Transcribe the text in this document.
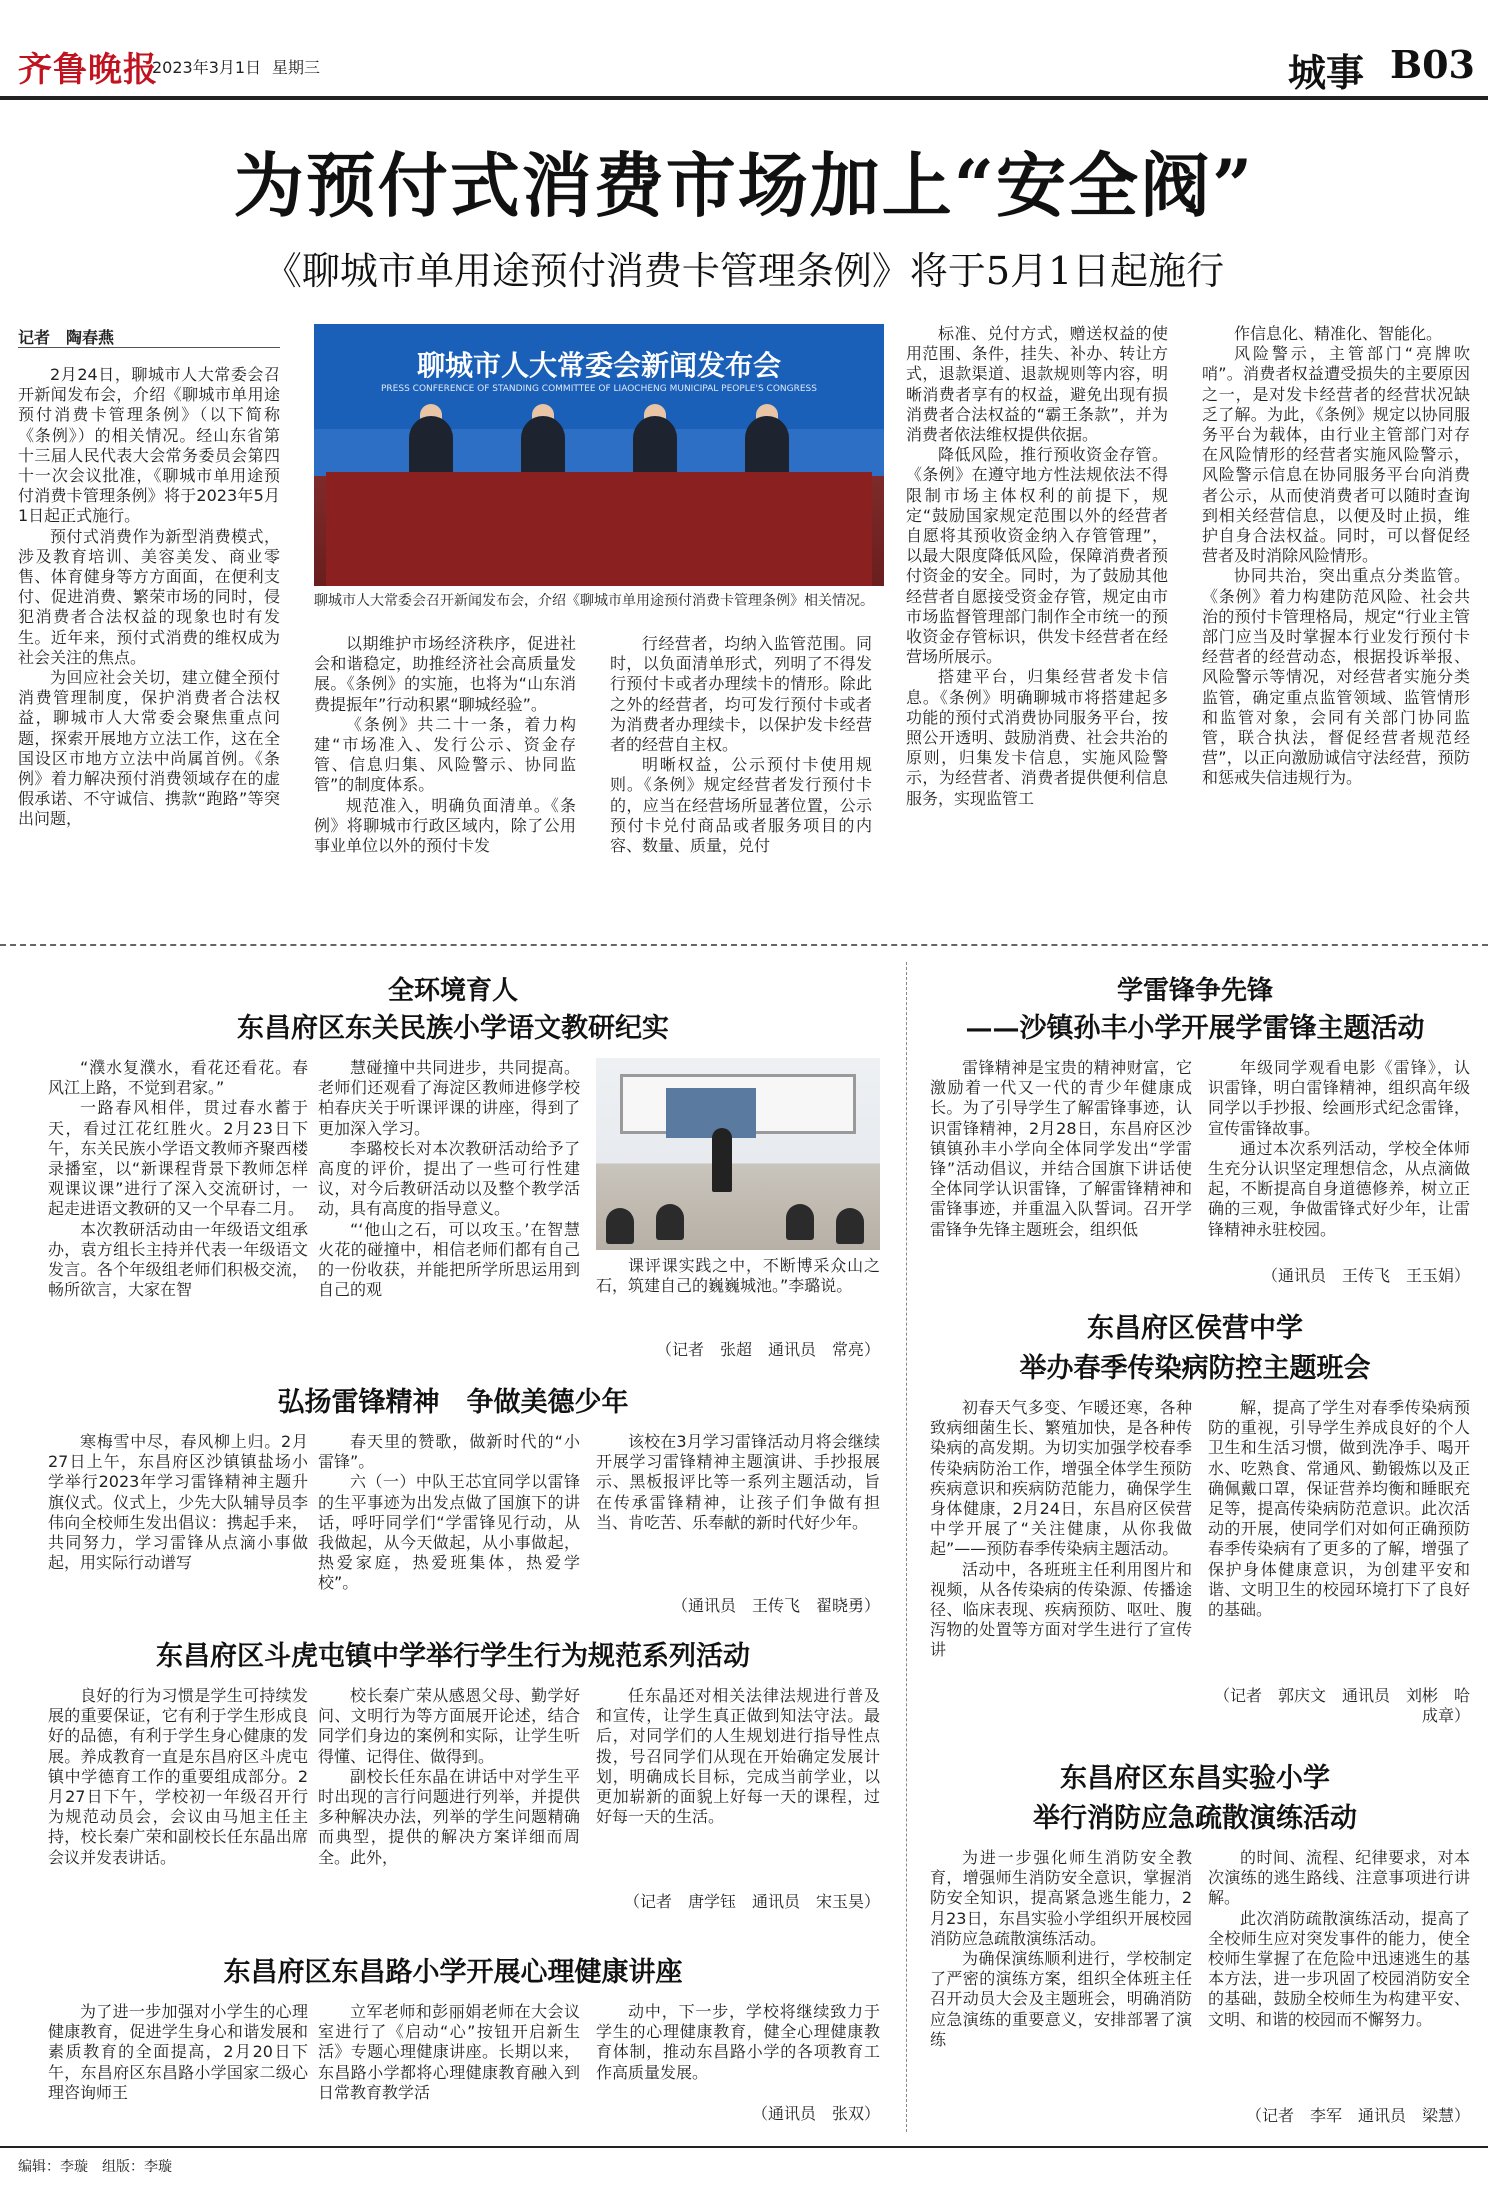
齐鲁晚报
2023年3月1日 星期三	城事 B03
为预付式消费市场加上“安全阀”
《聊城市单用途预付消费卡管理条例》将于5月1日起施行
记者　陶春燕

2月24日，聊城市人大常委会召开新闻发布会，介绍《聊城市单用途预付消费卡管理条例》（以下简称《条例》）的相关情况。经山东省第十三届人民代表大会常务委员会第四十一次会议批准，《聊城市单用途预付消费卡管理条例》将于2023年5月1日起正式施行。

预付式消费作为新型消费模式，涉及教育培训、美容美发、商业零售、体育健身等方方面面，在便利支付、促进消费、繁荣市场的同时，侵犯消费者合法权益的现象也时有发生。近年来，预付式消费的维权成为社会关注的焦点。

为回应社会关切，建立健全预付消费管理制度，保护消费者合法权益，聊城市人大常委会聚焦重点问题，探索开展地方立法工作，这在全国设区市地方立法中尚属首例。《条例》着力解决预付消费领域存在的虚假承诺、不守诚信、携款“跑路”等突出问题，

以期维护市场经济秩序，促进社会和谐稳定，助推经济社会高质量发展。《条例》的实施，也将为“山东消费提振年”行动积累“聊城经验”。

《条例》共二十一条，着力构建“市场准入、发行公示、资金存管、信息归集、风险警示、协同监管”的制度体系。

规范准入，明确负面清单。《条例》将聊城市行政区域内，除了公用事业单位以外的预付卡发

行经营者，均纳入监管范围。同时，以负面清单形式，列明了不得发行预付卡或者办理续卡的情形。除此之外的经营者，均可发行预付卡或者为消费者办理续卡，以保护发卡经营者的经营自主权。

明晰权益，公示预付卡使用规则。《条例》规定经营者发行预付卡的，应当在经营场所显著位置，公示预付卡兑付商品或者服务项目的内容、数量、质量，兑付

标准、兑付方式，赠送权益的使用范围、条件，挂失、补办、转让方式，退款渠道、退款规则等内容，明晰消费者享有的权益，避免出现有损消费者合法权益的“霸王条款”，并为消费者依法维权提供依据。

降低风险，推行预收资金存管。《条例》在遵守地方性法规依法不得限制市场主体权利的前提下，规定“鼓励国家规定范围以外的经营者自愿将其预收资金纳入存管管理”，以最大限度降低风险，保障消费者预付资金的安全。同时，为了鼓励其他经营者自愿接受资金存管，规定由市市场监督管理部门制作全市统一的预收资金存管标识，供发卡经营者在经营场所展示。

搭建平台，归集经营者发卡信息。《条例》明确聊城市将搭建起多功能的预付式消费协同服务平台，按照公开透明、鼓励消费、社会共治的原则，归集发卡信息，实施风险警示，为经营者、消费者提供便利信息服务，实现监管工

作信息化、精准化、智能化。

风险警示，主管部门“亮牌吹哨”。消费者权益遭受损失的主要原因之一，是对发卡经营者的经营状况缺乏了解。为此，《条例》规定以协同服务平台为载体，由行业主管部门对存在风险情形的经营者实施风险警示，风险警示信息在协同服务平台向消费者公示，从而使消费者可以随时查询到相关经营信息，以便及时止损，维护自身合法权益。同时，可以督促经营者及时消除风险情形。

协同共治，突出重点分类监管。《条例》着力构建防范风险、社会共治的预付卡管理格局，规定“行业主管部门应当及时掌握本行业发行预付卡经营者的经营动态，根据投诉举报、风险警示等情况，对经营者实施分类监管，确定重点监管领域、监管情形和监管对象，会同有关部门协同监管，联合执法，督促经营者规范经营”，以正向激励诚信守法经营，预防和惩戒失信违规行为。

聊城市人大常委会新闻发布会
PRESS CONFERENCE OF STANDING COMMITTEE OF LIAOCHENG MUNICIPAL PEOPLE'S CONGRESS
聊城市人大常委会召开新闻发布会，介绍《聊城市单用途预付消费卡管理条例》相关情况。
全环境育人
东昌府区东关民族小学语文教研纪实

“濮水复濮水，看花还看花。春风江上路，不觉到君家。”

一路春风相伴，贯过春水蓄于天，看过江花红胜火。2月23日下午，东关民族小学语文教师齐聚西楼录播室，以“新课程背景下教师怎样观课议课”进行了深入交流研讨，一起走进语文教研的又一个早春二月。

本次教研活动由一年级语文组承办，袁方组长主持并代表一年级语文发言。各个年级组老师们积极交流，畅所欲言，大家在智

慧碰撞中共同进步，共同提高。老师们还观看了海淀区教师进修学校柏春庆关于听课评课的讲座，得到了更加深入学习。

李璐校长对本次教研活动给予了高度的评价，提出了一些可行性建议，对今后教研活动以及整个教学活动，具有高度的指导意义。

“‘他山之石，可以攻玉。’在智慧火花的碰撞中，相信老师们都有自己的一份收获，并能把所学所思运用到自己的观

课评课实践之中，不断博采众山之石，筑建自己的巍巍城池。”李璐说。

（记者　张超　通讯员　常亮）
弘扬雷锋精神　争做美德少年

寒梅雪中尽，春风柳上归。2月27日上午，东昌府区沙镇镇盐场小学举行2023年学习雷锋精神主题升旗仪式。仪式上，少先大队辅导员李伟向全校师生发出倡议：携起手来，共同努力，学习雷锋从点滴小事做起，用实际行动谱写

春天里的赞歌，做新时代的“小雷锋”。

六（一）中队王芯宜同学以雷锋的生平事迹为出发点做了国旗下的讲话，呼吁同学们“学雷锋见行动，从我做起，从今天做起，从小事做起，热爱家庭，热爱班集体，热爱学校”。

该校在3月学习雷锋活动月将会继续开展学习雷锋精神主题演讲、手抄报展示、黑板报评比等一系列主题活动，旨在传承雷锋精神，让孩子们争做有担当、肯吃苦、乐奉献的新时代好少年。

（通讯员　王传飞　翟晓勇）
东昌府区斗虎屯镇中学举行学生行为规范系列活动

良好的行为习惯是学生可持续发展的重要保证，它有利于学生形成良好的品德，有利于学生身心健康的发展。养成教育一直是东昌府区斗虎屯镇中学德育工作的重要组成部分。2月27日下午，学校初一年级召开行为规范动员会，会议由马旭主任主持，校长秦广荣和副校长任东晶出席会议并发表讲话。

校长秦广荣从感恩父母、勤学好问、文明行为等方面展开论述，结合同学们身边的案例和实际，让学生听得懂、记得住、做得到。

副校长任东晶在讲话中对学生平时出现的言行问题进行列举，并提供多种解决办法，列举的学生问题精确而典型，提供的解决方案详细而周全。此外，

任东晶还对相关法律法规进行普及和宣传，让学生真正做到知法守法。最后，对同学们的人生规划进行指导性点拨，号召同学们从现在开始确定发展计划，明确成长目标，完成当前学业，以更加崭新的面貌上好每一天的课程，过好每一天的生活。

（记者　唐学钰　通讯员　宋玉昊）
东昌府区东昌路小学开展心理健康讲座

为了进一步加强对小学生的心理健康教育，促进学生身心和谐发展和素质教育的全面提高，2月20日下午，东昌府区东昌路小学国家二级心理咨询师王

立军老师和彭丽娟老师在大会议室进行了《启动“心”按钮开启新生活》专题心理健康讲座。长期以来，东昌路小学都将心理健康教育融入到日常教育教学活

动中，下一步，学校将继续致力于学生的心理健康教育，健全心理健康教育体制，推动东昌路小学的各项教育工作高质量发展。

（通讯员　张双）
学雷锋争先锋
——沙镇孙丰小学开展学雷锋主题活动

雷锋精神是宝贵的精神财富，它激励着一代又一代的青少年健康成长。为了引导学生了解雷锋事迹，认识雷锋精神，2月28日，东昌府区沙镇镇孙丰小学向全体同学发出“学雷锋”活动倡议，并结合国旗下讲话使全体同学认识雷锋，了解雷锋精神和雷锋事迹，并重温入队誓词。召开学雷锋争先锋主题班会，组织低

年级同学观看电影《雷锋》，认识雷锋，明白雷锋精神，组织高年级同学以手抄报、绘画形式纪念雷锋，宣传雷锋故事。

通过本次系列活动，学校全体师生充分认识坚定理想信念，从点滴做起，不断提高自身道德修养，树立正确的三观，争做雷锋式好少年，让雷锋精神永驻校园。

（通讯员　王传飞　王玉娟）
东昌府区侯营中学
举办春季传染病防控主题班会

初春天气多变、乍暖还寒，各种致病细菌生长、繁殖加快，是各种传染病的高发期。为切实加强学校春季传染病防治工作，增强全体学生预防疾病意识和疾病防范能力，确保学生身体健康，2月24日，东昌府区侯营中学开展了“关注健康，从你我做起”——预防春季传染病主题活动。

活动中，各班班主任利用图片和视频，从各传染病的传染源、传播途径、临床表现、疾病预防、呕吐、腹泻物的处置等方面对学生进行了宣传讲

解，提高了学生对春季传染病预防的重视，引导学生养成良好的个人卫生和生活习惯，做到洗净手、喝开水、吃熟食、常通风、勤锻炼以及正确佩戴口罩，保证营养均衡和睡眠充足等，提高传染病防范意识。此次活动的开展，使同学们对如何正确预防春季传染病有了更多的了解，增强了保护身体健康意识，为创建平安和谐、文明卫生的校园环境打下了良好的基础。

（记者　郭庆文　通讯员　刘彬　哈成章）
东昌府区东昌实验小学
举行消防应急疏散演练活动

为进一步强化师生消防安全教育，增强师生消防安全意识，掌握消防安全知识，提高紧急逃生能力，2月23日，东昌实验小学组织开展校园消防应急疏散演练活动。

为确保演练顺利进行，学校制定了严密的演练方案，组织全体班主任召开动员大会及主题班会，明确消防应急演练的重要意义，安排部署了演练

的时间、流程、纪律要求，对本次演练的逃生路线、注意事项进行讲解。

此次消防疏散演练活动，提高了全校师生应对突发事件的能力，使全校师生掌握了在危险中迅速逃生的基本方法，进一步巩固了校园消防安全的基础，鼓励全校师生为构建平安、文明、和谐的校园而不懈努力。

（记者　李军　通讯员　梁慧）
编辑：李璇　组版：李璇
